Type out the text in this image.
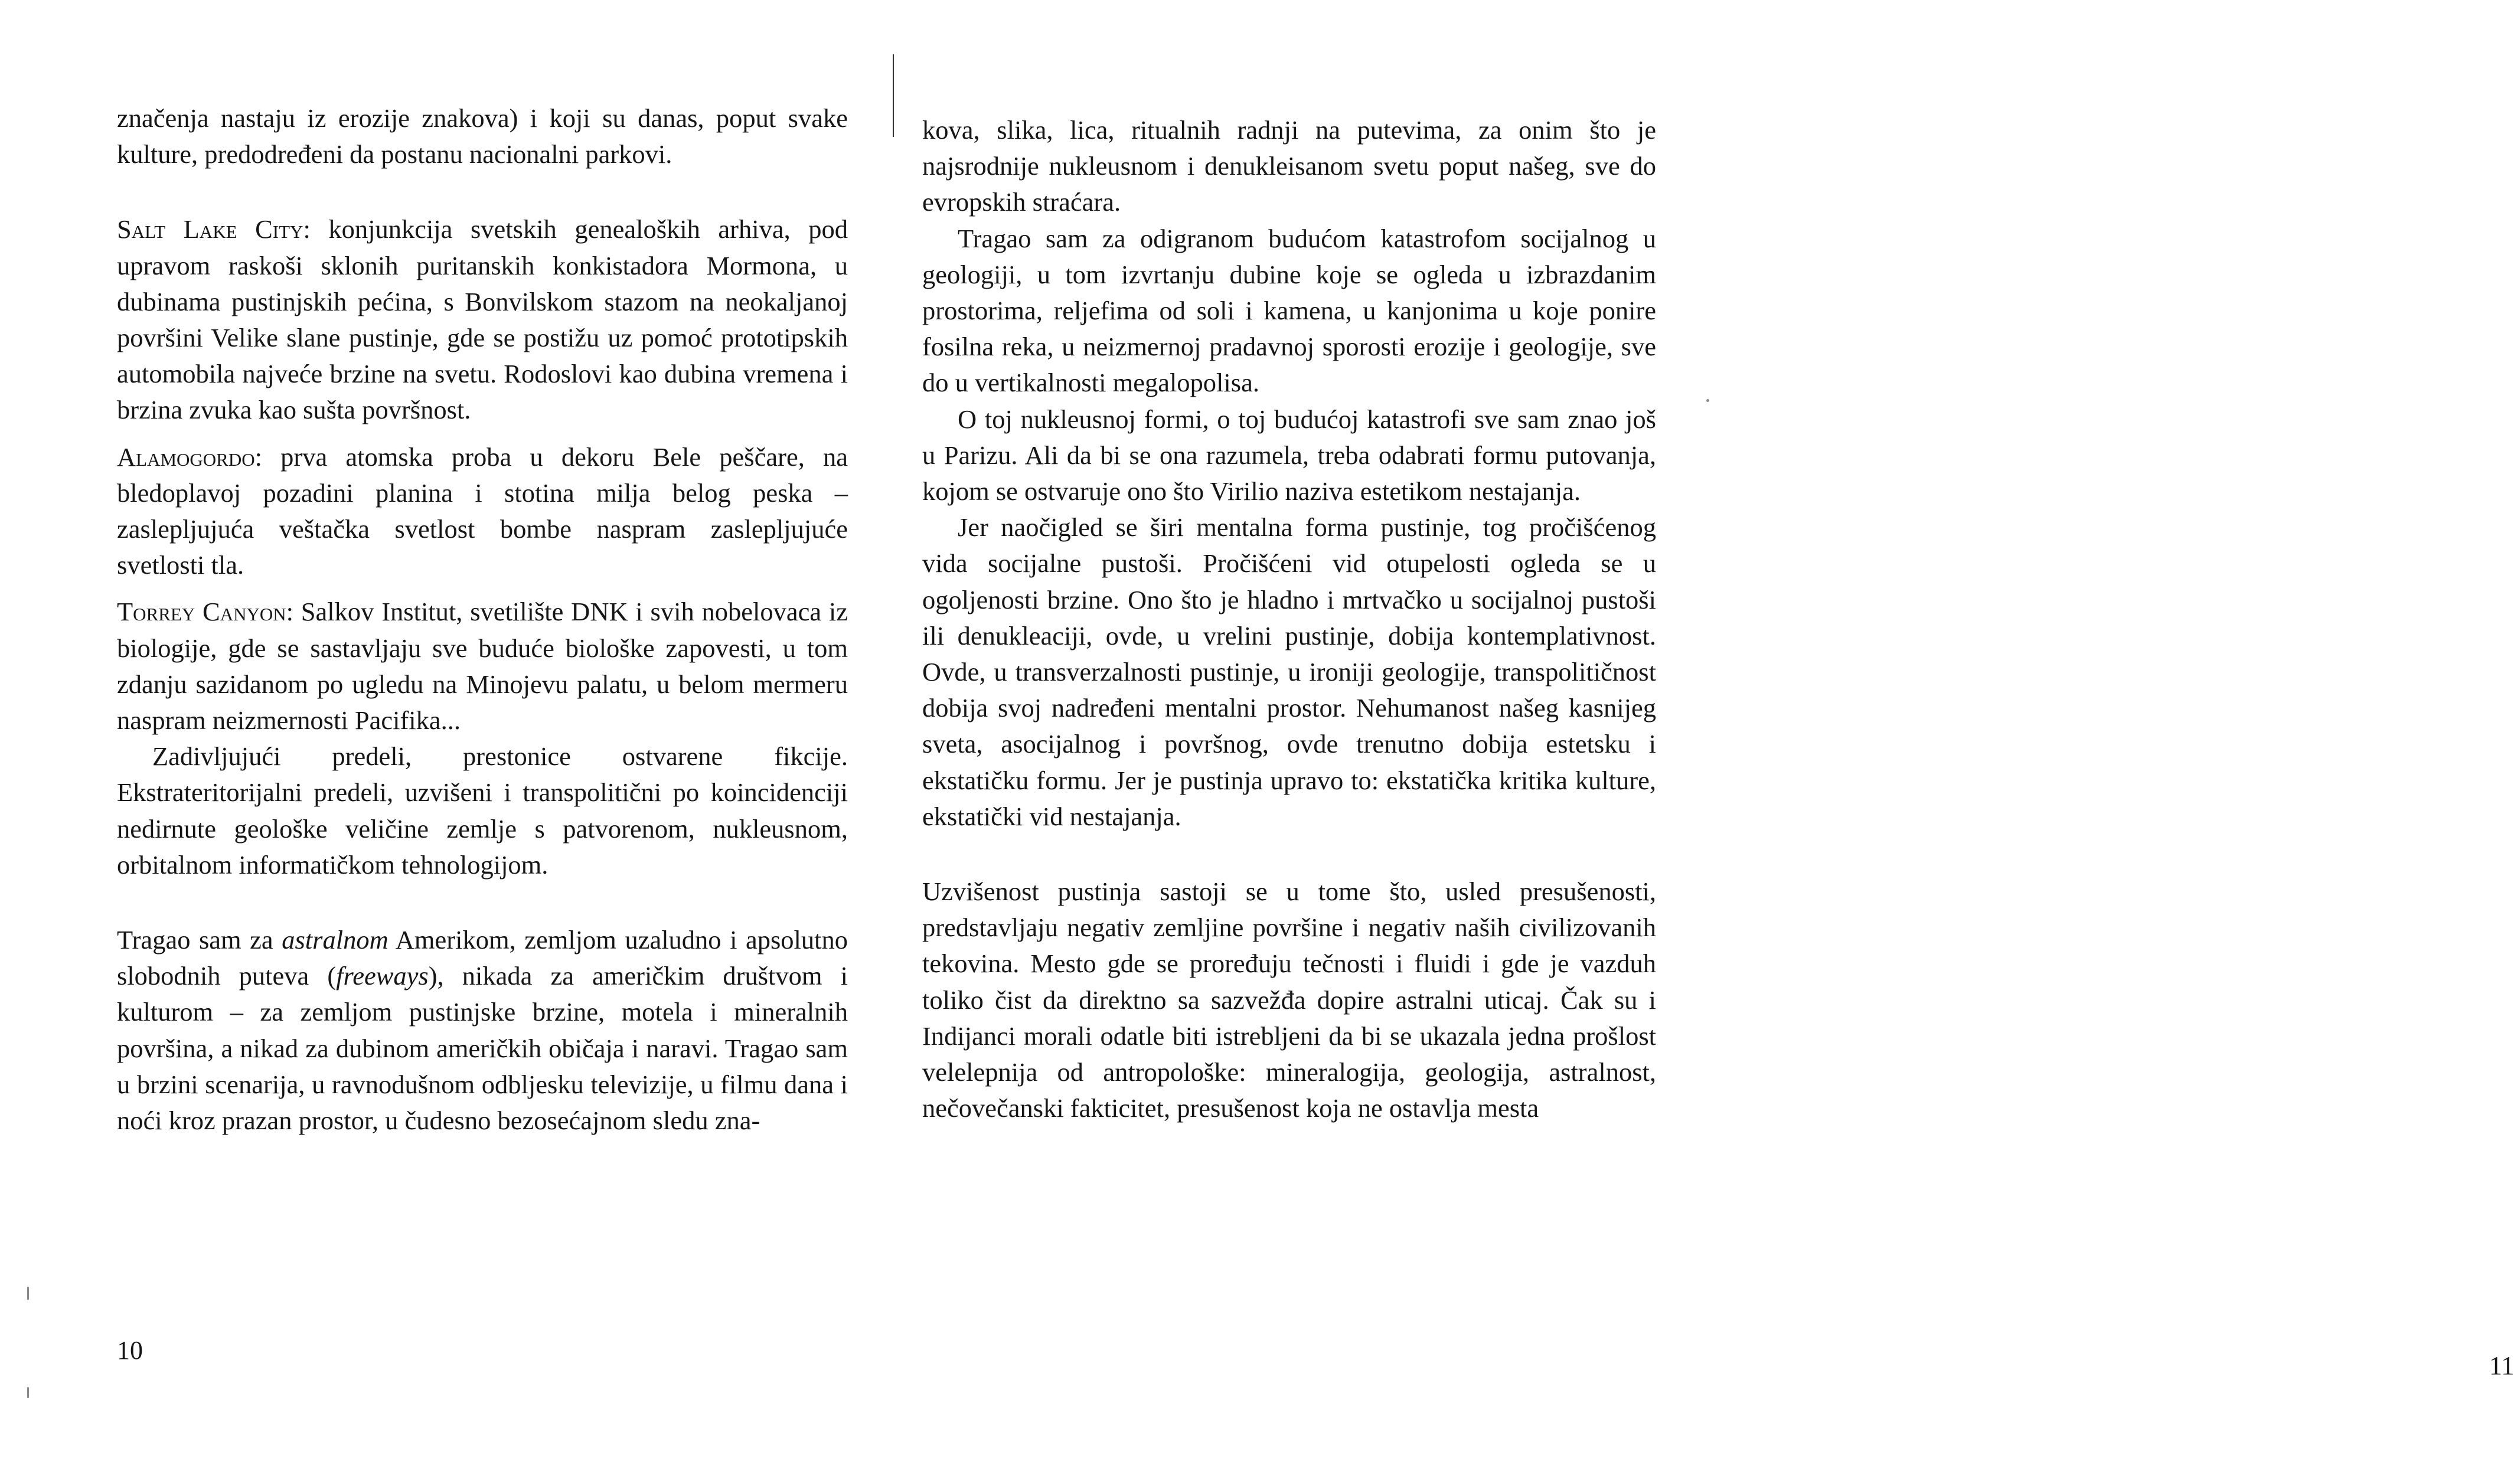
značenja nastaju iz erozije znakova) i koji su danas, poput svake kulture, predodređeni da postanu nacionalni parkovi.

Salt Lake City: konjunkcija svetskih genealoških arhiva, pod upravom raskoši sklonih puritanskih konkistadora Mormona, u dubinama pustinjskih pećina, s Bonvilskom stazom na neokaljanoj površini Velike slane pustinje, gde se postižu uz pomoć prototipskih automobila najveće brzine na svetu. Rodoslovi kao dubina vremena i brzina zvuka kao sušta površnost.

Alamogordo: prva atomska proba u dekoru Bele peščare, na bledoplavoj pozadini planina i stotina milja belog peska – zaslepljujuća veštačka svetlost bombe naspram zaslepljujuće svetlosti tla.

Torrey Canyon: Salkov Institut, svetilište DNK i svih nobelovaca iz biologije, gde se sastavljaju sve buduće biološke zapovesti, u tom zdanju sazidanom po ugledu na Minojevu palatu, u belom mermeru naspram neizmernosti Pacifika...

Zadivljujući predeli, prestonice ostvarene fikcije. Ekstrateritorijalni predeli, uzvišeni i transpolitični po koincidenciji nedirnute geološke veličine zemlje s patvorenom, nukleusnom, orbitalnom informatičkom tehnologijom.

Tragao sam za astralnom Amerikom, zemljom uzaludno i apsolutno slobodnih puteva (freeways), nikada za američkim društvom i kulturom – za zemljom pustinjske brzine, motela i mineralnih površina, a nikad za dubinom američkih običaja i naravi. Tragao sam u brzini scenarija, u ravnodušnom odbljesku televizije, u filmu dana i noći kroz prazan prostor, u čudesno bezosećajnom sledu zna-

10

kova, slika, lica, ritualnih radnji na putevima, za onim što je najsrodnije nukleusnom i denukleisanom svetu poput našeg, sve do evropskih straćara.

Tragao sam za odigranom budućom katastrofom socijalnog u geologiji, u tom izvrtanju dubine koje se ogleda u izbrazdanim prostorima, reljefima od soli i kamena, u kanjonima u koje ponire fosilna reka, u neizmernoj pradavnoj sporosti erozije i geologije, sve do u vertikalnosti megalopolisa.

O toj nukleusnoj formi, o toj budućoj katastrofi sve sam znao još u Parizu. Ali da bi se ona razumela, treba odabrati formu putovanja, kojom se ostvaruje ono što Virilio naziva estetikom nestajanja.

Jer naočigled se širi mentalna forma pustinje, tog pročišćenog vida socijalne pustoši. Pročišćeni vid otupelosti ogleda se u ogoljenosti brzine. Ono što je hladno i mrtvačko u socijalnoj pustoši ili denukleaciji, ovde, u vrelini pustinje, dobija kontemplativnost. Ovde, u transverzalnosti pustinje, u ironiji geologije, transpolitičnost dobija svoj nadređeni mentalni prostor. Nehumanost našeg kasnijeg sveta, asocijalnog i površnog, ovde trenutno dobija estetsku i ekstatičku formu. Jer je pustinja upravo to: ekstatička kritika kulture, ekstatički vid nestajanja.

Uzvišenost pustinja sastoji se u tome što, usled presušenosti, predstavljaju negativ zemljine površine i negativ naših civilizovanih tekovina. Mesto gde se proređuju tečnosti i fluidi i gde je vazduh toliko čist da direktno sa sazvežđa dopire astralni uticaj. Čak su i Indijanci morali odatle biti istrebljeni da bi se ukazala jedna prošlost velelepnija od antropološke: mineralogija, geologija, astralnost, nečovečanski fakticitet, presušenost koja ne ostavlja mesta

11
